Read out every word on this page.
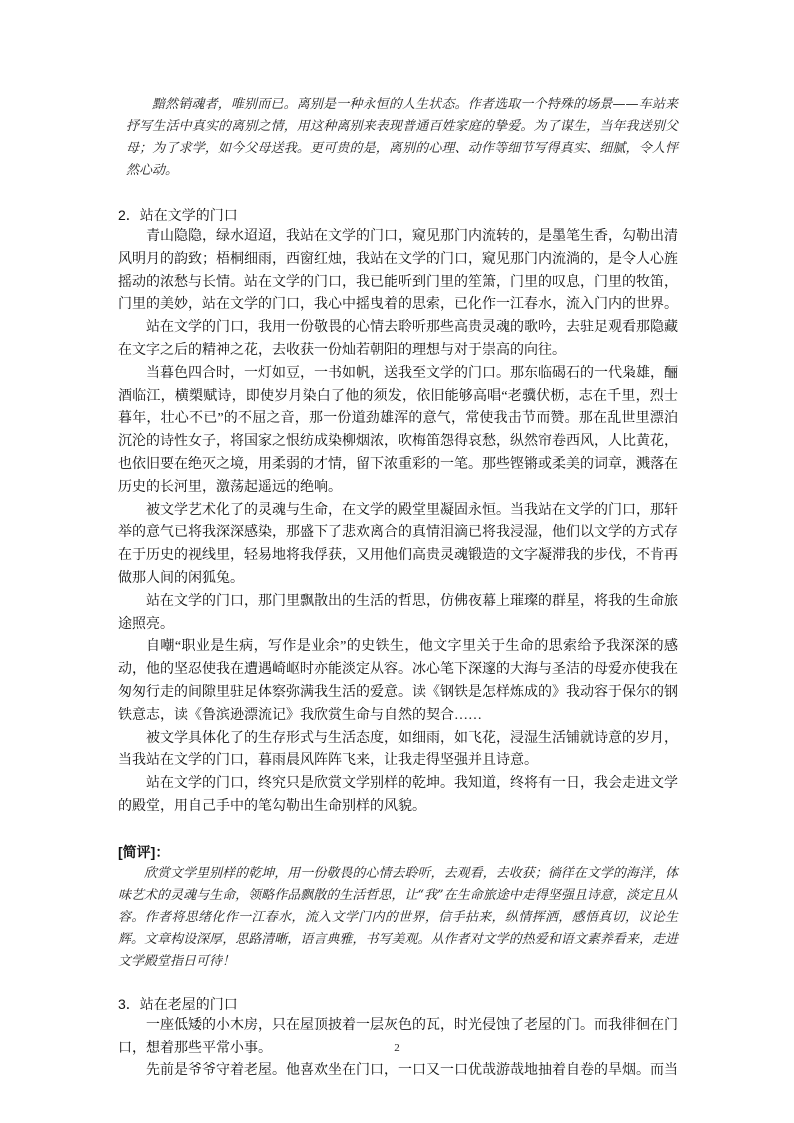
黯然销魂者，唯别而已。离别是一种永恒的人生状态。作者选取一个特殊的场景——车站来抒写生活中真实的离别之情，用这种离别来表现普通百姓家庭的挚爱。为了谋生，当年我送别父母；为了求学，如今父母送我。更可贵的是，离别的心理、动作等细节写得真实、细腻，令人怦然心动。

2．站在文学的门口

青山隐隐，绿水迢迢，我站在文学的门口，窥见那门内流转的，是墨笔生香，勾勒出清风明月的韵致；梧桐细雨，西窗红烛，我站在文学的门口，窥见那门内流淌的，是令人心旌摇动的浓愁与长情。站在文学的门口，我已能听到门里的笙箫，门里的叹息，门里的牧笛，门里的美妙，站在文学的门口，我心中摇曳着的思索，已化作一江春水，流入门内的世界。

站在文学的门口，我用一份敬畏的心情去聆听那些高贵灵魂的歌吟，去驻足观看那隐藏在文字之后的精神之花，去收获一份灿若朝阳的理想与对于崇高的向往。

当暮色四合时，一灯如豆，一书如帆，送我至文学的门口。那东临碣石的一代枭雄，酾酒临江，横槊赋诗，即使岁月染白了他的须发，依旧能够高唱“老骥伏枥，志在千里，烈士暮年，壮心不已”的不屈之音，那一份道劲雄浑的意气，常使我击节而赞。那在乱世里漂泊沉沦的诗性女子，将国家之恨纺成染柳烟浓，吹梅笛怨得哀愁，纵然帘卷西风，人比黄花，也依旧要在绝灭之境，用柔弱的才情，留下浓重彩的一笔。那些铿锵或柔美的词章，溅落在历史的长河里，激荡起遥远的绝响。

被文学艺术化了的灵魂与生命，在文学的殿堂里凝固永恒。当我站在文学的门口，那轩举的意气已将我深深感染，那盛下了悲欢离合的真情泪滴已将我浸湿，他们以文学的方式存在于历史的视线里，轻易地将我俘获，又用他们高贵灵魂锻造的文字凝滞我的步伐，不肯再做那人间的闲狐兔。

站在文学的门口，那门里飘散出的生活的哲思，仿佛夜幕上璀璨的群星，将我的生命旅途照亮。

自嘲“职业是生病，写作是业余”的史铁生，他文字里关于生命的思索给予我深深的感动，他的坚忍使我在遭遇崎岖时亦能淡定从容。冰心笔下深邃的大海与圣洁的母爱亦使我在匆匆行走的间隙里驻足体察弥满我生活的爱意。读《钢铁是怎样炼成的》我动容于保尔的钢铁意志，读《鲁滨逊漂流记》我欣赏生命与自然的契合……

被文学具体化了的生存形式与生活态度，如细雨，如飞花，浸湿生活铺就诗意的岁月，当我站在文学的门口，暮雨晨风阵阵飞来，让我走得坚强并且诗意。

站在文学的门口，终究只是欣赏文学别样的乾坤。我知道，终将有一日，我会走进文学的殿堂，用自己手中的笔勾勒出生命别样的风貌。

[简评]：

欣赏文学里别样的乾坤，用一份敬畏的心情去聆听，去观看，去收获；徜徉在文学的海洋，体味艺术的灵魂与生命，领略作品飘散的生活哲思，让“我”在生命旅途中走得坚强且诗意，淡定且从容。作者将思绪化作一江春水，流入文学门内的世界，信手拈来，纵情挥洒，感悟真切，议论生辉。文章构设深厚，思路清晰，语言典雅，书写美观。从作者对文学的热爱和语文素养看来，走进文学殿堂指日可待！

3．站在老屋的门口

一座低矮的小木房，只在屋顶披着一层灰色的瓦，时光侵蚀了老屋的门。而我徘徊在门口，想着那些平常小事。

先前是爷爷守着老屋。他喜欢坐在门口，一口又一口优哉游哉地抽着自卷的旱烟。而当

2
